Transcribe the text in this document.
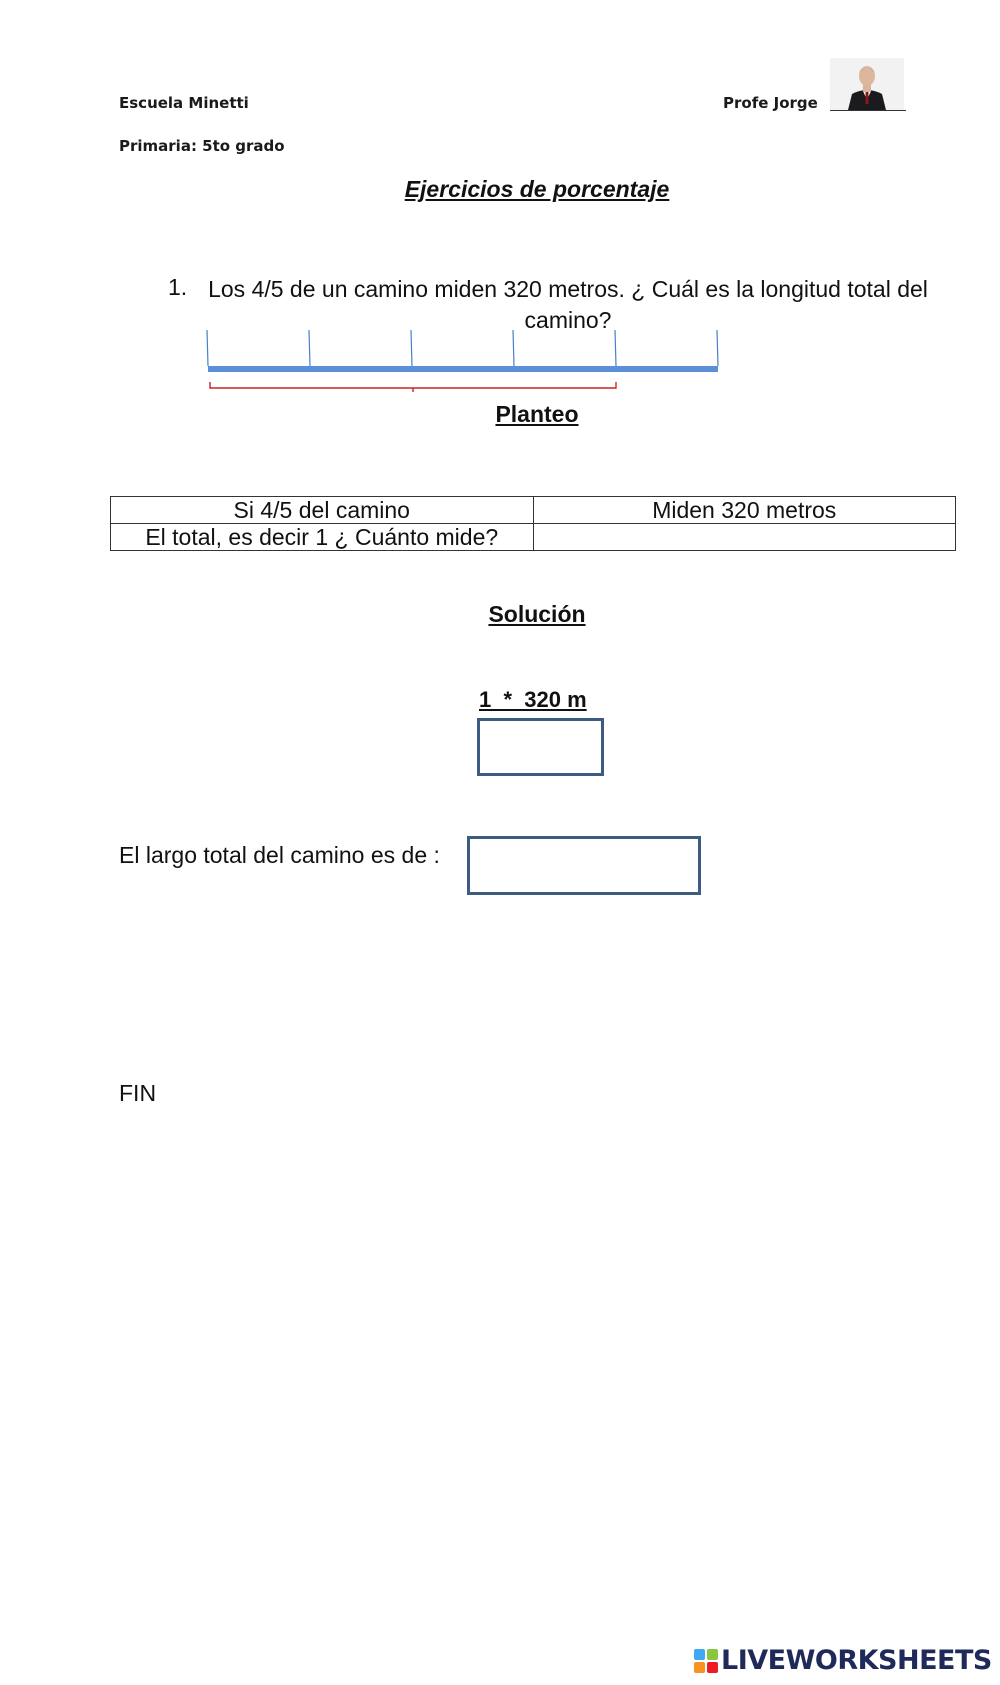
Escuela Minetti
Primaria: 5to grado
Profe Jorge
Ejercicios de porcentaje
1. Los 4/5 de un camino miden 320 metros. ¿ Cuál es la longitud total del camino?
Planteo
Si 4/5 del camino	Miden 320 metros
El total, es decir 1 ¿ Cuánto mide?	
Solución
1  *  320 m
El largo total del camino es de :
FIN
LIVEWORKSHEETS
